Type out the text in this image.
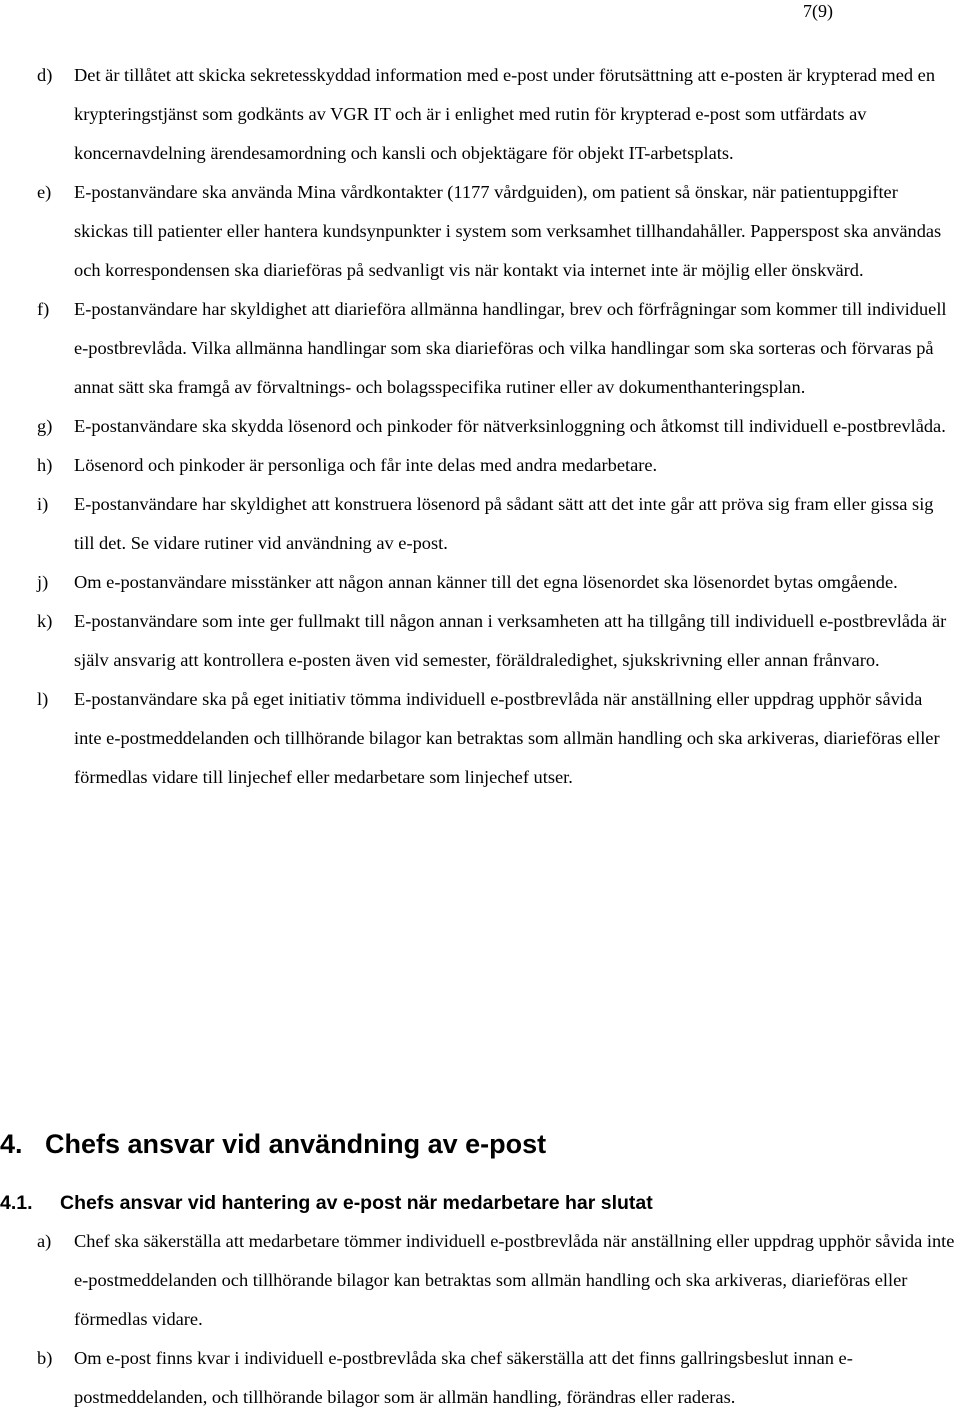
7(9)
d)	Det är tillåtet att skicka sekretesskyddad information med e-post under förutsättning att e-posten är krypterad med en krypteringstjänst som godkänts av VGR IT och är i enlighet med rutin för krypterad e-post som utfärdats av koncernavdelning ärendesamordning och kansli och objektägare för objekt IT-arbetsplats.
e)	E-postanvändare ska använda Mina vårdkontakter (1177 vårdguiden), om patient så önskar, när patientuppgifter skickas till patienter eller hantera kundsynpunkter i system som verksamhet tillhandahåller. Papperspost ska användas och korrespondensen ska diarieföras på sedvanligt vis när kontakt via internet inte är möjlig eller önskvärd.
f)	E-postanvändare har skyldighet att diarieföra allmänna handlingar, brev och förfrågningar som kommer till individuell e-postbrevlåda. Vilka allmänna handlingar som ska diarieföras och vilka handlingar som ska sorteras och förvaras på annat sätt ska framgå av förvaltnings- och bolagsspecifika rutiner eller av dokumenthanteringsplan.
g)	E-postanvändare ska skydda lösenord och pinkoder för nätverksinloggning och åtkomst till individuell e-postbrevlåda.
h)	Lösenord och pinkoder är personliga och får inte delas med andra medarbetare.
i)	E-postanvändare har skyldighet att konstruera lösenord på sådant sätt att det inte går att pröva sig fram eller gissa sig till det. Se vidare rutiner vid användning av e-post.
j)	Om e-postanvändare misstänker att någon annan känner till det egna lösenordet ska lösenordet bytas omgående.
k)	E-postanvändare som inte ger fullmakt till någon annan i verksamheten att ha tillgång till individuell e-postbrevlåda är själv ansvarig att kontrollera e-posten även vid semester, föräldraledighet, sjukskrivning eller annan frånvaro.
l)	E-postanvändare ska på eget initiativ tömma individuell e-postbrevlåda när anställning eller uppdrag upphör såvida inte e-postmeddelanden och tillhörande bilagor kan betraktas som allmän handling och ska arkiveras, diarieföras eller förmedlas vidare till linjechef eller medarbetare som linjechef utser.
4. Chefs ansvar vid användning av e-post
4.1. Chefs ansvar vid hantering av e-post när medarbetare har slutat
a)	Chef ska säkerställa att medarbetare tömmer individuell e-postbrevlåda när anställning eller uppdrag upphör såvida inte e-postmeddelanden och tillhörande bilagor kan betraktas som allmän handling och ska arkiveras, diarieföras eller förmedlas vidare.
b)	Om e-post finns kvar i individuell e-postbrevlåda ska chef säkerställa att det finns gallringsbeslut innan e-postmeddelanden, och tillhörande bilagor som är allmän handling, förändras eller raderas.
